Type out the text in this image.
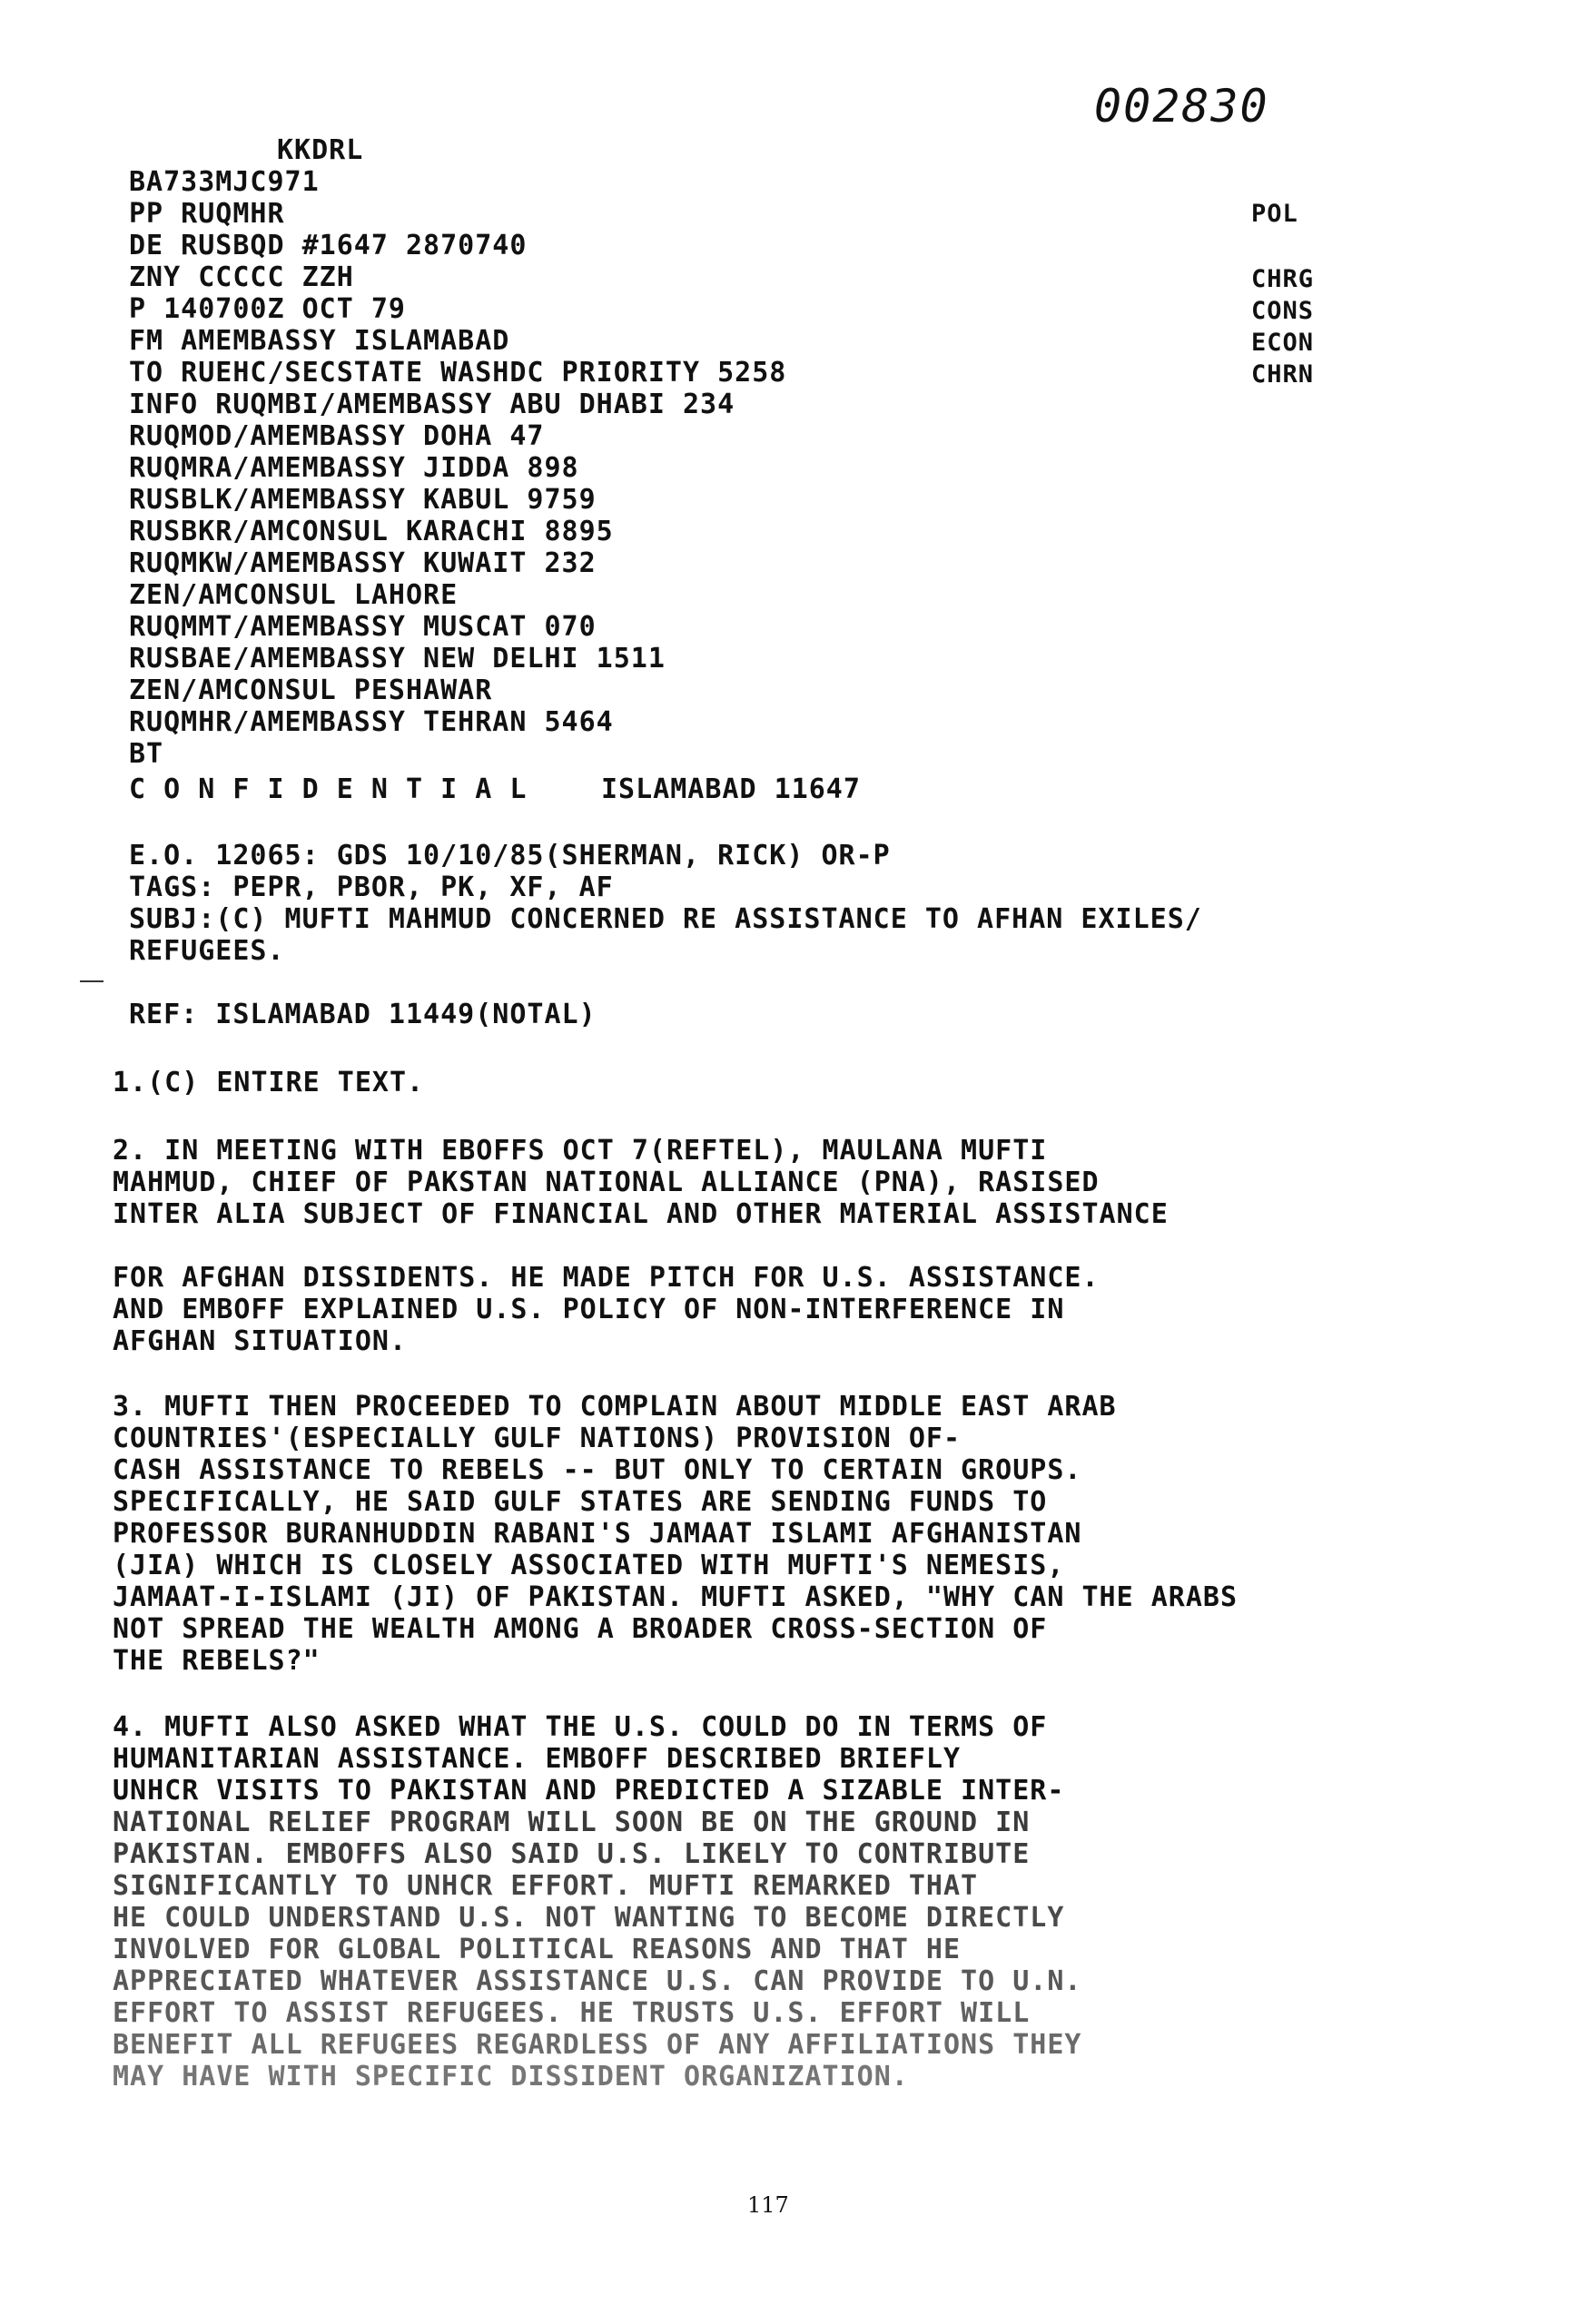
002830
POL
CHRG
CONS
ECON
CHRN
KKDRL
BA733MJC971
PP RUQMHR
DE RUSBQD #1647 2870740
ZNY CCCCC ZZH
P 140700Z OCT 79
FM AMEMBASSY ISLAMABAD
TO RUEHC/SECSTATE WASHDC PRIORITY 5258
INFO RUQMBI/AMEMBASSY ABU DHABI 234
RUQMOD/AMEMBASSY DOHA 47
RUQMRA/AMEMBASSY JIDDA 898
RUSBLK/AMEMBASSY KABUL 9759
RUSBKR/AMCONSUL KARACHI 8895
RUQMKW/AMEMBASSY KUWAIT 232
ZEN/AMCONSUL LAHORE
RUQMMT/AMEMBASSY MUSCAT 070
RUSBAE/AMEMBASSY NEW DELHI 1511
ZEN/AMCONSUL PESHAWAR
RUQMHR/AMEMBASSY TEHRAN 5464
BT
C O N F I D E N T I A L	ISLAMABAD 11647
E.O. 12065: GDS 10/10/85(SHERMAN, RICK) OR-P
TAGS: PEPR, PBOR, PK, XF, AF
SUBJ:(C) MUFTI MAHMUD CONCERNED RE ASSISTANCE TO AFHAN EXILES/
REFUGEES.
REF: ISLAMABAD 11449(NOTAL)
1.(C) ENTIRE TEXT.
2. IN MEETING WITH EBOFFS OCT 7(REFTEL), MAULANA MUFTI
MAHMUD, CHIEF OF PAKSTAN NATIONAL ALLIANCE (PNA), RASISED
INTER ALIA SUBJECT OF FINANCIAL AND OTHER MATERIAL ASSISTANCE
FOR AFGHAN DISSIDENTS. HE MADE PITCH FOR U.S. ASSISTANCE.
AND EMBOFF EXPLAINED U.S. POLICY OF NON-INTERFERENCE IN
AFGHAN SITUATION.
3. MUFTI THEN PROCEEDED TO COMPLAIN ABOUT MIDDLE EAST ARAB
COUNTRIES'(ESPECIALLY GULF NATIONS) PROVISION OF-
CASH ASSISTANCE TO REBELS -- BUT ONLY TO CERTAIN GROUPS.
SPECIFICALLY, HE SAID GULF STATES ARE SENDING FUNDS TO
PROFESSOR BURANHUDDIN RABANI'S JAMAAT ISLAMI AFGHANISTAN
(JIA) WHICH IS CLOSELY ASSOCIATED WITH MUFTI'S NEMESIS,
JAMAAT-I-ISLAMI (JI) OF PAKISTAN. MUFTI ASKED, "WHY CAN THE ARABS
NOT SPREAD THE WEALTH AMONG A BROADER CROSS-SECTION OF
THE REBELS?"
4. MUFTI ALSO ASKED WHAT THE U.S. COULD DO IN TERMS OF
HUMANITARIAN ASSISTANCE. EMBOFF DESCRIBED BRIEFLY
UNHCR VISITS TO PAKISTAN AND PREDICTED A SIZABLE INTER-
NATIONAL RELIEF PROGRAM WILL SOON BE ON THE GROUND IN
PAKISTAN. EMBOFFS ALSO SAID U.S. LIKELY TO CONTRIBUTE
SIGNIFICANTLY TO UNHCR EFFORT. MUFTI REMARKED THAT
HE COULD UNDERSTAND U.S. NOT WANTING TO BECOME DIRECTLY
INVOLVED FOR GLOBAL POLITICAL REASONS AND THAT HE
APPRECIATED WHATEVER ASSISTANCE U.S. CAN PROVIDE TO U.N.
EFFORT TO ASSIST REFUGEES. HE TRUSTS U.S. EFFORT WILL
BENEFIT ALL REFUGEES REGARDLESS OF ANY AFFILIATIONS THEY
MAY HAVE WITH SPECIFIC DISSIDENT ORGANIZATION.
117
